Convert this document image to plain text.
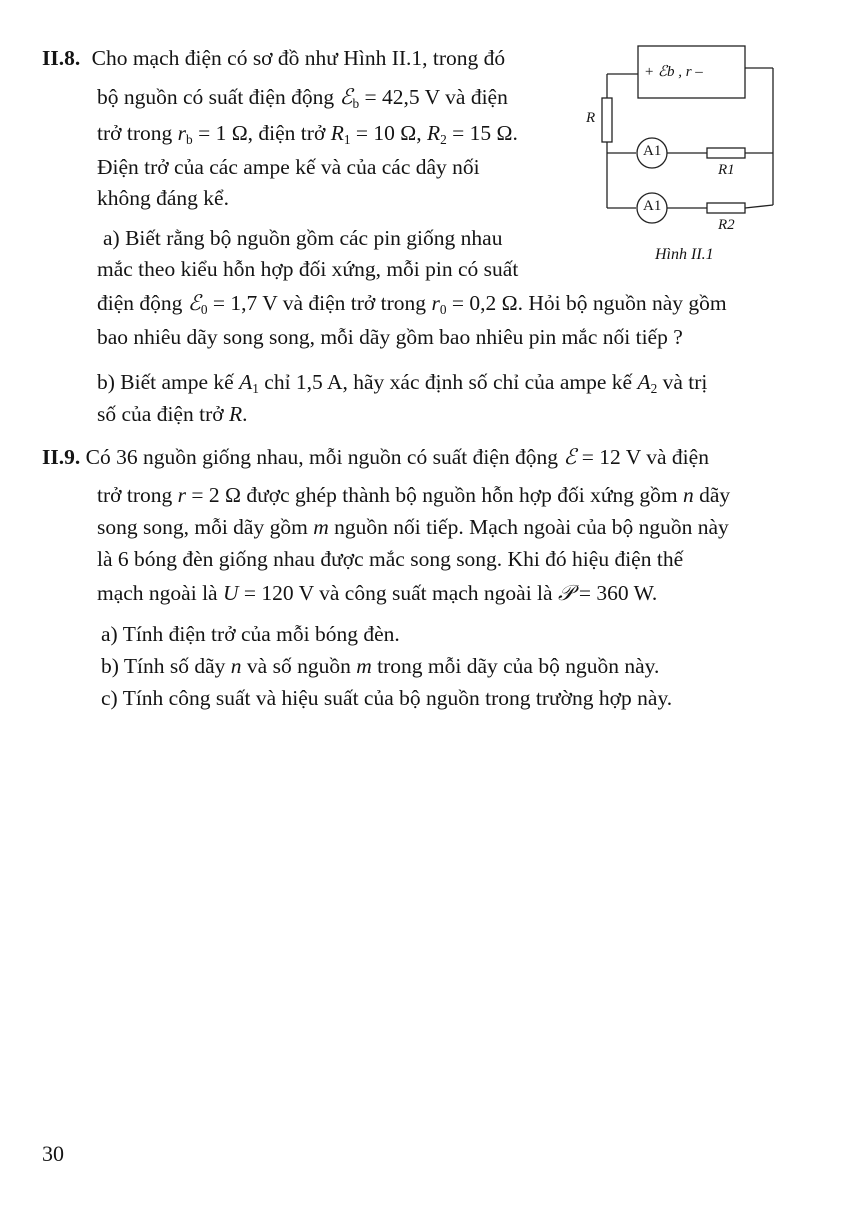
II.8. Cho mạch điện có sơ đồ như Hình II.1, trong đó
bộ nguồn có suất điện động ℰ$_b$ = 42,5 V và điện
trở trong $r_b = 1$ Ω, điện trở $R_1 = 10$ Ω, $R_2 = 15$ Ω.
Điện trở của các ampe kế và của các dây nối
không đáng kể.
a) Biết rằng bộ nguồn gồm các pin giống nhau
mắc theo kiểu hỗn hợp đối xứng, mỗi pin có suất
điện động ℰ$_0$ = 1,7 V và điện trở trong $r_0 = 0,2$ Ω. Hỏi bộ nguồn này gồm
bao nhiêu dãy song song, mỗi dãy gồm bao nhiêu pin mắc nối tiếp ?
b) Biết ampe kế $A_1$ chỉ 1,5 A, hãy xác định số chỉ của ampe kế $A_2$ và trị
số của điện trở R.
+ ℰb , r –
R
A1
A1
R1
R2
Hình II.1
II.9. Có 36 nguồn giống nhau, mỗi nguồn có suất điện động ℰ = 12 V và điện
trở trong r = 2 Ω được ghép thành bộ nguồn hỗn hợp đối xứng gồm n dãy
song song, mỗi dãy gồm m nguồn nối tiếp. Mạch ngoài của bộ nguồn này
là 6 bóng đèn giống nhau được mắc song song. Khi đó hiệu điện thế
mạch ngoài là U = 120 V và công suất mạch ngoài là 𝒫 = 360 W.
a) Tính điện trở của mỗi bóng đèn.
b) Tính số dãy n và số nguồn m trong mỗi dãy của bộ nguồn này.
c) Tính công suất và hiệu suất của bộ nguồn trong trường hợp này.
30
